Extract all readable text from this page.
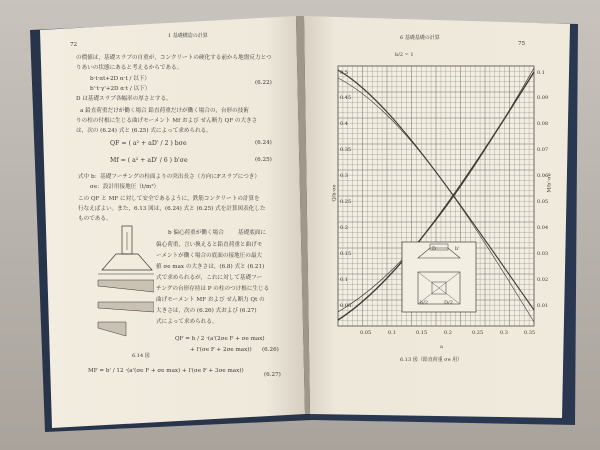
1 基礎構造の計算
72
の價値は，基礎スラブの自重が，コンクリートの硬化する前から地盤反力とつ
りあいの状態にあると考えるからである。
b·t·αt+2D α·t / 以下）
b'·t·γ'+2D α·t / 以下）
(6.22)
D は基礎スラブ各幅率の厚さとする。
a 鉛直荷重だけが働く場合 鉛直荷重だけが働く場合の，台形の技術
りの柱の付根に生じる曲げモーメント Mf および せん断力 QF の大きさ
は，次の (6.24) 式と (6.25) 式によって求められる。
QF = ( a² + aD' / 2 ) bσe	(6.24)
Mf = ( a² + aD' / 6 ) b'σe	(6.25)
式中 b：基礎フーチングの柱面よりの突出長さ（方向にFスラブにつき）
σe：設計用接地圧（t/m²）
この QF と MF に対して安全であるように，鉄筋コンクリートの計算を
行なえばよい。また，6.13 図は，(6.24) 式と (6.25) 式を計算図表化した
ものである。
b 偏心荷重が働く場合	基礎底面に
偏心荷重，言い換えると鉛直荷重と曲げモ
ーメントが働く場合の底面の接地圧の最大
値 σe max の大きさは，(6.8) 式と (6.21)
式で求められるが，これに対して基礎フー
チングの台形存持は P の柱のつけ根に生じる
曲げモーメント MF および せん断力 Qt の
大きさは，次の (6.26) 式および (6.27)
式によって求められる。
QF = b / 2 ·(a'(2σe F + σe max)
+ l'(σe F + 2σe max)) (6.26)
MF = b' / 12 ·(a'(σe F + σe max) + l'(σe F + 3σe max))
(6.27)
6.14 図
6 基礎基礎の計算
75
b/2 = 1
0.5
0.45
0.4
0.35
0.3
0.25
0.2
0.15
0.1
0.05
0.1
0.09
0.08
0.07
0.06
0.05
0.04
0.03
0.02
0.01
0.05	0.1	0.15	0.2	0.25	0.3	0.35
Q/b·σe
M/b'·σe
a
6.13 図（鉛直荷重 σe 用）
D	b'
b/2	D/2
